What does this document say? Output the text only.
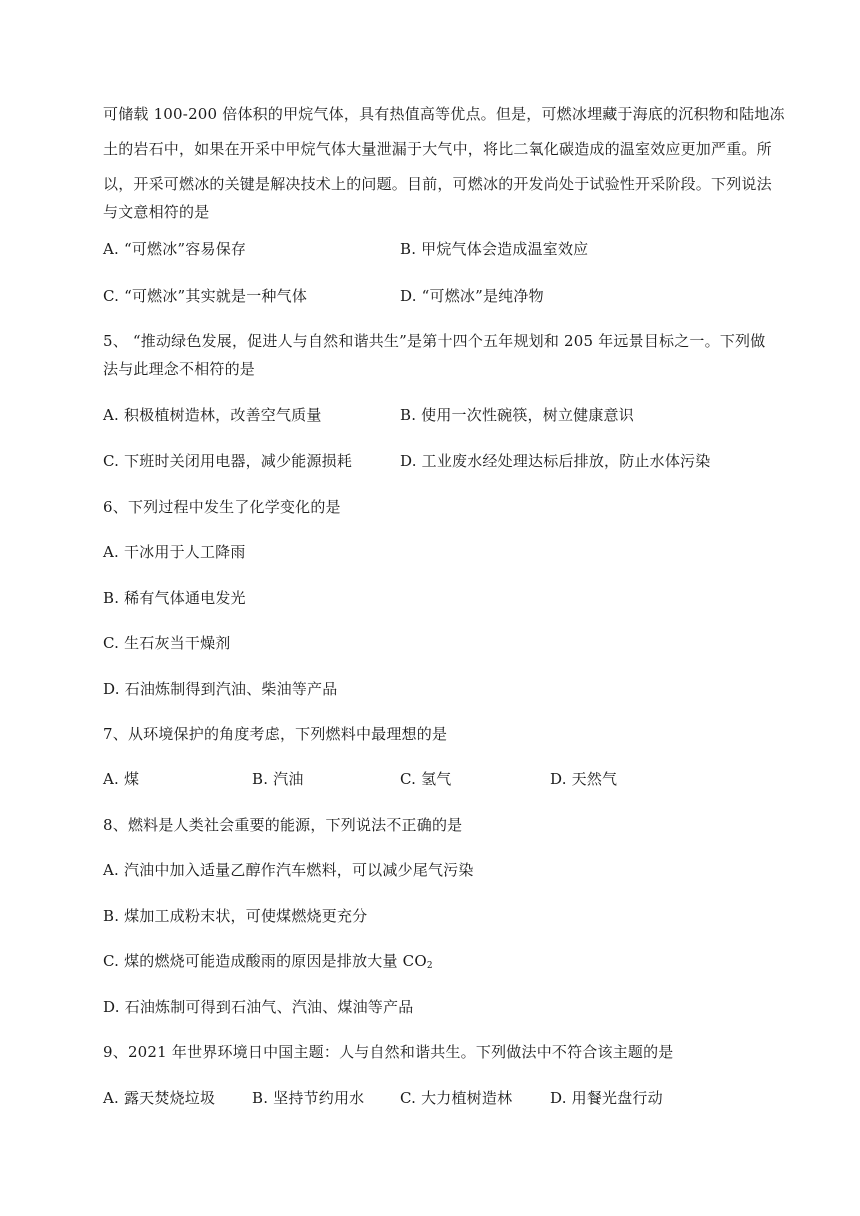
可储载 100-200 倍体积的甲烷气体，具有热值高等优点。但是，可燃冰埋藏于海底的沉积物和陆地冻
土的岩石中，如果在开采中甲烷气体大量泄漏于大气中，将比二氧化碳造成的温室效应更加严重。所
以，开采可燃冰的关键是解决技术上的问题。目前，可燃冰的开发尚处于试验性开采阶段。下列说法
与文意相符的是
A. “可燃冰”容易保存	B. 甲烷气体会造成温室效应
C. “可燃冰”其实就是一种气体	D. “可燃冰”是纯净物
5、 “推动绿色发展，促进人与自然和谐共生”是第十四个五年规划和 205 年远景目标之一。下列做
法与此理念不相符的是
A. 积极植树造林，改善空气质量	B. 使用一次性碗筷，树立健康意识
C. 下班时关闭用电器，减少能源损耗	D. 工业废水经处理达标后排放，防止水体污染
6、下列过程中发生了化学变化的是
A. 干冰用于人工降雨
B. 稀有气体通电发光
C. 生石灰当干燥剂
D. 石油炼制得到汽油、柴油等产品
7、从环境保护的角度考虑，下列燃料中最理想的是
A. 煤	B. 汽油	C. 氢气	D. 天然气
8、燃料是人类社会重要的能源，下列说法不正确的是
A. 汽油中加入适量乙醇作汽车燃料，可以减少尾气污染
B. 煤加工成粉末状，可使煤燃烧更充分
C. 煤的燃烧可能造成酸雨的原因是排放大量 $CO_2$
D. 石油炼制可得到石油气、汽油、煤油等产品
9、2021 年世界环境日中国主题：人与自然和谐共生。下列做法中不符合该主题的是
A. 露天焚烧垃圾 B. 坚持节约用水 C. 大力植树造林	D. 用餐光盘行动
